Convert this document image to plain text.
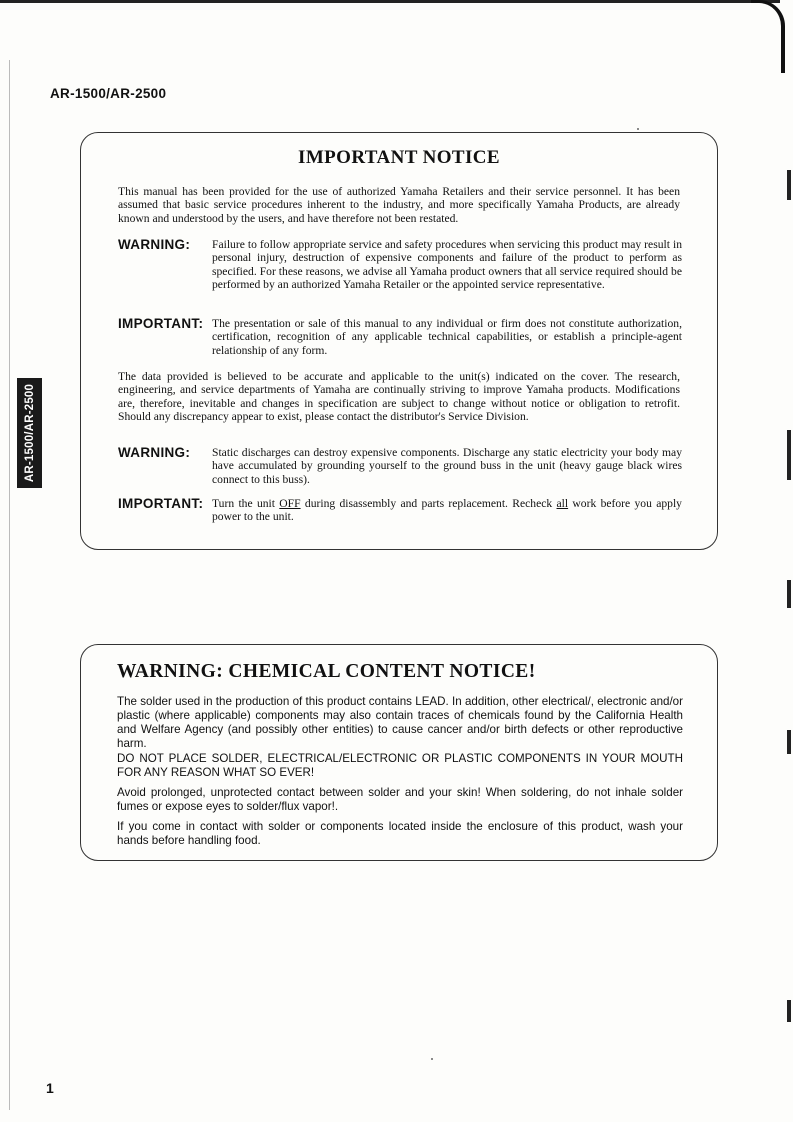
AR-1500/AR-2500
AR-1500/AR-2500
IMPORTANT NOTICE
This manual has been provided for the use of authorized Yamaha Retailers and their service personnel. It has been assumed that basic service procedures inherent to the industry, and more specifically Yamaha Products, are already known and understood by the users, and have therefore not been restated.
WARNING: Failure to follow appropriate service and safety procedures when servicing this product may result in personal injury, destruction of expensive components and failure of the product to perform as specified. For these reasons, we advise all Yamaha product owners that all service required should be performed by an authorized Yamaha Retailer or the appointed service representative.
IMPORTANT: The presentation or sale of this manual to any individual or firm does not constitute authorization, certification, recognition of any applicable technical capabilities, or establish a principle-agent relationship of any form.
The data provided is believed to be accurate and applicable to the unit(s) indicated on the cover. The research, engineering, and service departments of Yamaha are continually striving to improve Yamaha products. Modifications are, therefore, inevitable and changes in specification are subject to change without notice or obligation to retrofit. Should any discrepancy appear to exist, please contact the distributor's Service Division.
WARNING: Static discharges can destroy expensive components. Discharge any static electricity your body may have accumulated by grounding yourself to the ground buss in the unit (heavy gauge black wires connect to this buss).
IMPORTANT: Turn the unit OFF during disassembly and parts replacement. Recheck all work before you apply power to the unit.
WARNING: CHEMICAL CONTENT NOTICE!
The solder used in the production of this product contains LEAD. In addition, other electrical/, electronic and/or plastic (where applicable) components may also contain traces of chemicals found by the California Health and Welfare Agency (and possibly other entities) to cause cancer and/or birth defects or other reproductive harm.
DO NOT PLACE SOLDER, ELECTRICAL/ELECTRONIC OR PLASTIC COMPONENTS IN YOUR MOUTH FOR ANY REASON WHAT SO EVER!
Avoid prolonged, unprotected contact between solder and your skin! When soldering, do not inhale solder fumes or expose eyes to solder/flux vapor!.
If you come in contact with solder or components located inside the enclosure of this product, wash your hands before handling food.
1
